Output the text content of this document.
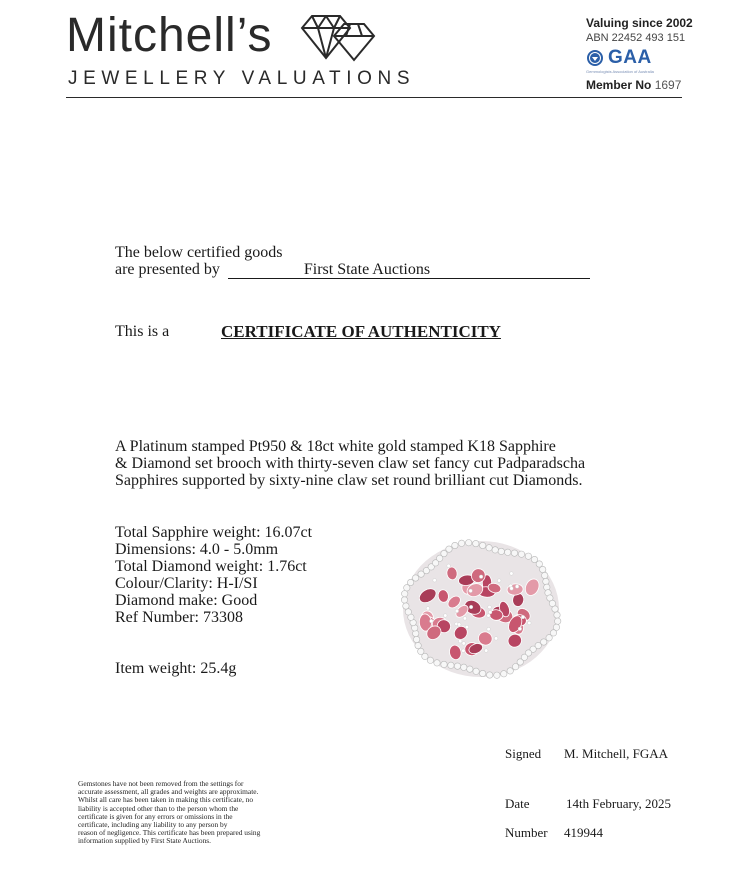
Mitchell’s
JEWELLERY VALUATIONS
Valuing since 2002
ABN 22452 493 151
GAA
Gemmologists Association of Australia
Member No 1697
The below certified goods
are presented by	First State Auctions
This is a	CERTIFICATE OF AUTHENTICITY
A Platinum stamped Pt950 & 18ct white gold stamped K18 Sapphire
& Diamond set brooch with thirty-seven claw set fancy cut Padparadscha
Sapphires supported by sixty-nine claw set round brilliant cut Diamonds.
Total Sapphire weight: 16.07ct
Dimensions: 4.0 - 5.0mm
Total Diamond weight: 1.76ct
Colour/Clarity: H-I/SI
Diamond make: Good
Ref Number: 73308
Item weight: 25.4g
Signed M. Mitchell, FGAA
Date	14th February, 2025
Number 419944
Gemstones have not been removed from the settings for
accurate assessment, all grades and weights are approximate.
Whilst all care has been taken in making this certificate, no
liability is accepted other than to the person whom the
certificate is given for any errors or omissions in the
certificate, including any liability to any person by
reason of negligence. This certificate has been prepared using
information supplied by First State Auctions.
